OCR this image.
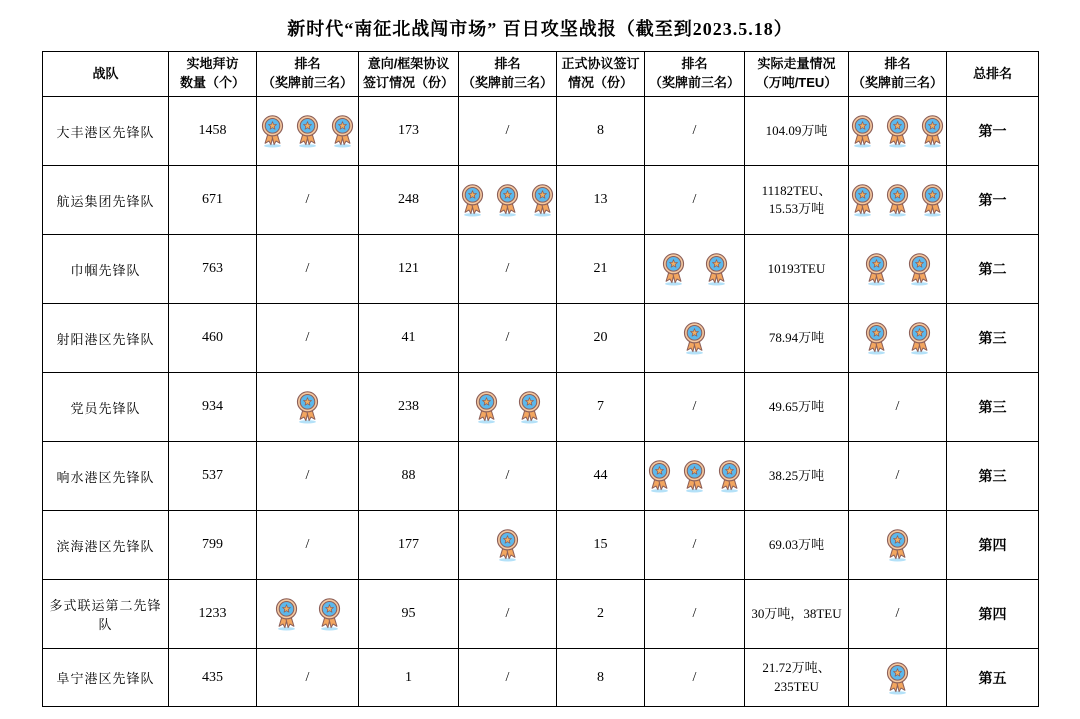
新时代“南征北战闯市场” 百日攻坚战报（截至到2023.5.18）
战队

实地拜访
数量（个）

排名
（奖牌前三名）

意向/框架协议
签订情况（份）

排名
（奖牌前三名）

正式协议签订
情况（份）

排名
（奖牌前三名）

实际走量情况
（万吨/TEU）

排名
（奖牌前三名）

总排名

大丰港区先锋队	1458		173	/	8	/	104.09万吨		第一
航运集团先锋队	671	/	248		13	/	11182TEU、15.53万吨		第一
巾帼先锋队	763	/	121	/	21		10193TEU		第二
射阳港区先锋队	460	/	41	/	20		78.94万吨		第三
党员先锋队	934		238		7	/	49.65万吨	/	第三
响水港区先锋队	537	/	88	/	44		38.25万吨	/	第三
滨海港区先锋队	799	/	177		15	/	69.03万吨		第四
多式联运第二先锋队	1233		95	/	2	/	30万吨，38TEU	/	第四
阜宁港区先锋队	435	/	1	/	8	/	21.72万吨、235TEU		第五
